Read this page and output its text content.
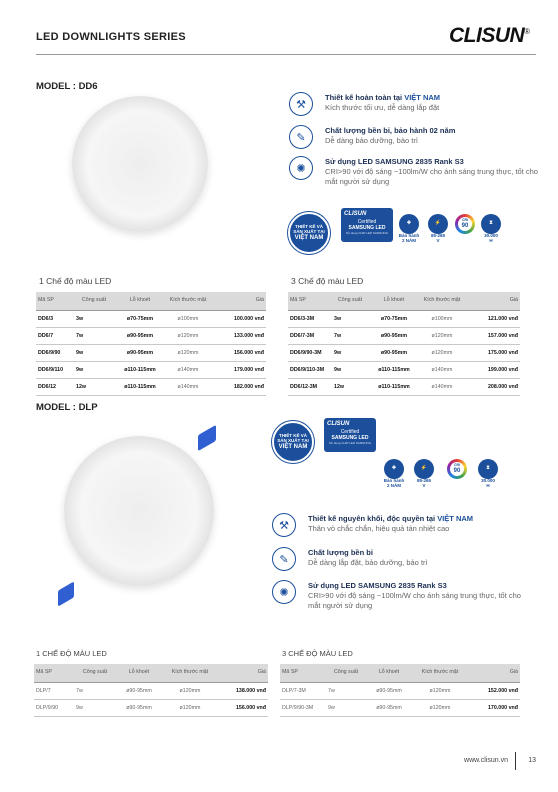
LED DOWNLIGHTS SERIES	CLISUN®
MODEL : DD6
⚒
Thiết kế hoàn toàn tại VIỆT NAM
Kích thước tối ưu, dễ dàng lắp đặt
✎
Chất lượng bền bỉ, bảo hành 02 năm
Dễ dàng bảo dưỡng, bảo trì
✺
Sử dụng LED SAMSUNG 2835 Rank S3
CRI>90 với độ sáng ~100lm/W cho ánh sáng trung thực, tốt cho mắt người sử dụng
THIẾT KẾ VÀ
SẢN XUẤT TẠI
VIỆT NAM
CLISUN
Certified
SAMSUNG LED
Sử dụng CHIP LED SAMSUNG
✚
Bảo hành
2 NĂM
⚡
85-265
V
CRI
90	⧗
30.000
H
1 Chế độ màu LED
Mã SP	Công suất	Lỗ khoét	Kích thước mặt	Giá
DD6/3	3w	ø70-75mm	ø100mm	100.000 vnđ
DD6/7	7w	ø90-95mm	ø120mm	133.000 vnđ
DD6/9/90	9w	ø90-95mm	ø120mm	156.000 vnđ
DD6/9/110	9w	ø110-115mm	ø140mm	179.000 vnđ
DD6/12	12w	ø110-115mm	ø140mm	182.000 vnđ
3 Chế độ màu LED
Mã SP	Công suất	Lỗ khoét	Kích thước mặt	Giá
DD6/3-3M	3w	ø70-75mm	ø100mm	121.000 vnđ
DD6/7-3M	7w	ø90-95mm	ø120mm	157.000 vnđ
DD6/9/90-3M	9w	ø90-95mm	ø120mm	175.000 vnđ
DD6/9/110-3M	9w	ø110-115mm	ø140mm	199.000 vnđ
DD6/12-3M	12w	ø110-115mm	ø140mm	208.000 vnđ
MODEL : DLP
THIẾT KẾ VÀ
SẢN XUẤT TẠI
VIỆT NAM
CLISUN
Certified
SAMSUNG LED
Sử dụng CHIP LED SAMSUNG
✚
Bảo hành
2 NĂM
⚡
85-265
V
CRI
90	⧗
30.000
H
⚒
Thiết kế nguyên khối, độc quyền tại VIỆT NAM
Thân vỏ chắc chắn, hiệu quả tản nhiệt cao
✎
Chất lượng bền bỉ
Dễ dàng lắp đặt, bảo dưỡng, bảo trì
✺
Sử dụng LED SAMSUNG 2835 Rank S3
CRI>90 với độ sáng ~100lm/W cho ánh sáng trung thực, tốt cho mắt người sử dụng
1 CHẾ ĐỘ MÀU LED
Mã SP	Công suất	Lỗ khoét	Kích thước mặt	Giá
DLP/7	7w	ø90-95mm	ø120mm	138.000 vnđ
DLP/9/90	9w	ø90-95mm	ø120mm	156.000 vnđ
3 CHẾ ĐỘ MÀU LED
Mã SP	Công suất	Lỗ khoét	Kích thước mặt	Giá
DLP/7-3M	7w	ø90-95mm	ø120mm	152.000 vnđ
DLP/9/90-3M	9w	ø90-95mm	ø120mm	170.000 vnđ
www.clisun.vn	13
